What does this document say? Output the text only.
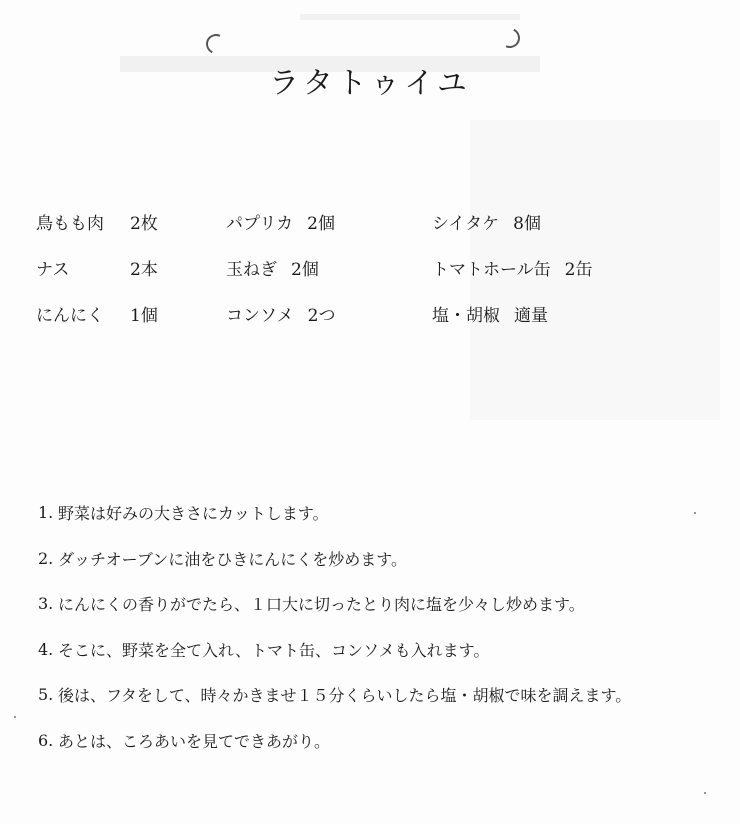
ラタトゥイユ
鳥もも肉	2枚	パプリカ 2個	シイタケ 8個
ナス	2本	玉ねぎ 2個	トマトホール缶 2缶
にんにく	1個	コンソメ 2つ	塩・胡椒 適量
1. 野菜は好みの大きさにカットします。
2. ダッチオーブンに油をひきにんにくを炒めます。
3. にんにくの香りがでたら、１口大に切ったとり肉に塩を少々し炒めます。
4. そこに、野菜を全て入れ、トマト缶、コンソメも入れます。
5. 後は、フタをして、時々かきませ１５分くらいしたら塩・胡椒で味を調えます。
6. あとは、ころあいを見てできあがり。
